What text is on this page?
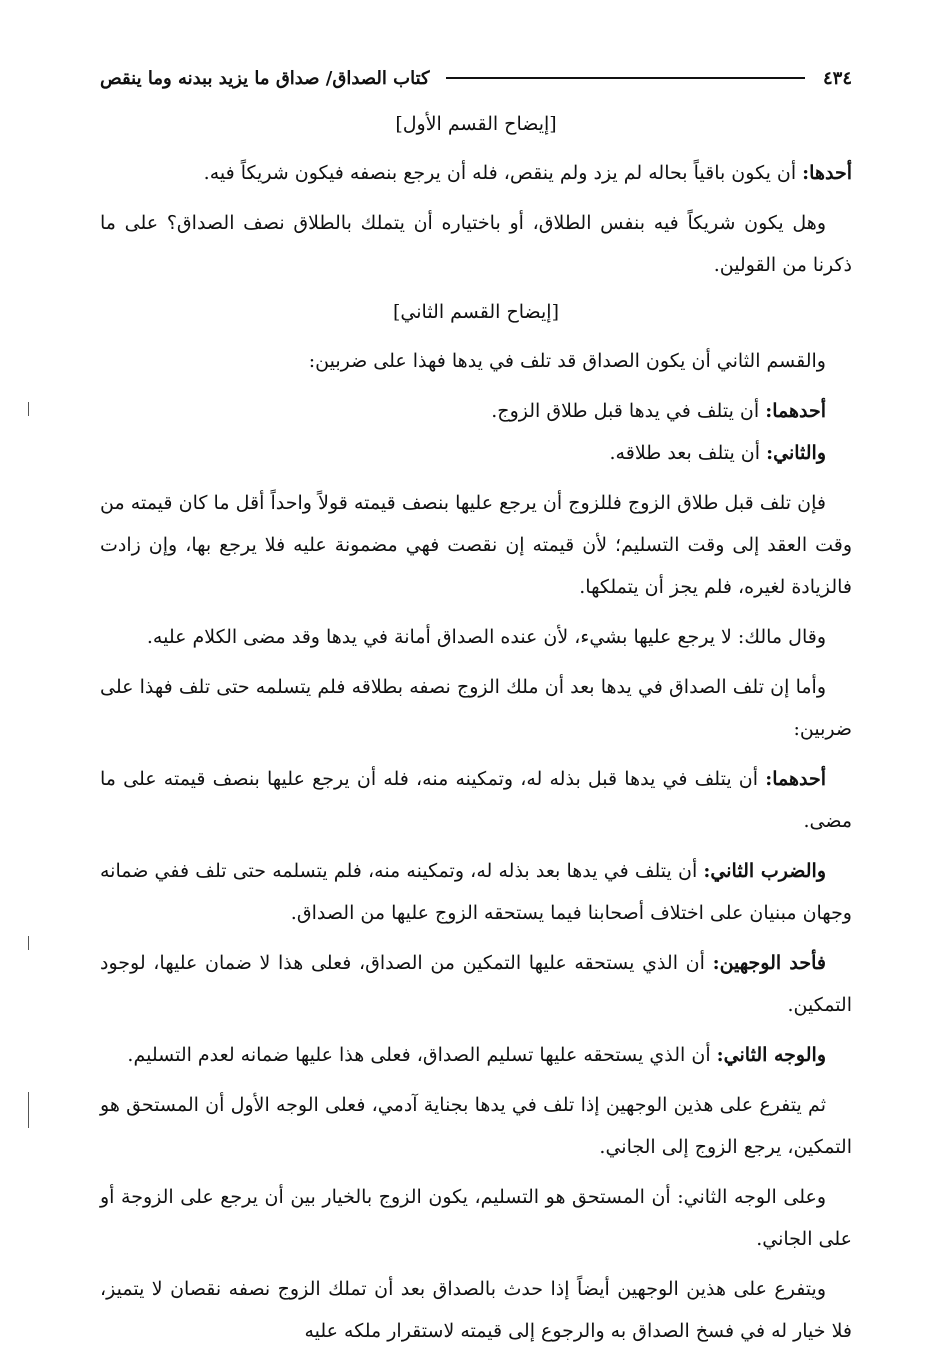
٤٣٤
كتاب الصداق/ صداق ما يزيد ببدنه وما ينقص
[إيضاح القسم الأول]

أحدها: أن يكون باقياً بحاله لم يزد ولم ينقص، فله أن يرجع بنصفه فيكون شريكاً فيه.

وهل يكون شريكاً فيه بنفس الطلاق، أو باختياره أن يتملك بالطلاق نصف الصداق؟ على ما ذكرنا من القولين.

[إيضاح القسم الثاني]

والقسم الثاني أن يكون الصداق قد تلف في يدها فهذا على ضربين:

أحدهما: أن يتلف في يدها قبل طلاق الزوج.

والثاني: أن يتلف بعد طلاقه.

فإن تلف قبل طلاق الزوج فللزوج أن يرجع عليها بنصف قيمته قولاً واحداً أقل ما كان قيمته من وقت العقد إلى وقت التسليم؛ لأن قيمته إن نقصت فهي مضمونة عليه فلا يرجع بها، وإن زادت فالزيادة لغيره، فلم يجز أن يتملكها.

وقال مالك: لا يرجع عليها بشيء، لأن عنده الصداق أمانة في يدها وقد مضى الكلام عليه.

وأما إن تلف الصداق في يدها بعد أن ملك الزوج نصفه بطلاقه فلم يتسلمه حتى تلف فهذا على ضربين:

أحدهما: أن يتلف في يدها قبل بذله له، وتمكينه منه، فله أن يرجع عليها بنصف قيمته على ما مضى.

والضرب الثاني: أن يتلف في يدها بعد بذله له، وتمكينه منه، فلم يتسلمه حتى تلف ففي ضمانه وجهان مبنيان على اختلاف أصحابنا فيما يستحقه الزوج عليها من الصداق.

فأحد الوجهين: أن الذي يستحقه عليها التمكين من الصداق، فعلى هذا لا ضمان عليها، لوجود التمكين.

والوجه الثاني: أن الذي يستحقه عليها تسليم الصداق، فعلى هذا عليها ضمانه لعدم التسليم.

ثم يتفرع على هذين الوجهين إذا تلف في يدها بجناية آدمي، فعلى الوجه الأول أن المستحق هو التمكين، يرجع الزوج إلى الجاني.

وعلى الوجه الثاني: أن المستحق هو التسليم، يكون الزوج بالخيار بين أن يرجع على الزوجة أو على الجاني.

ويتفرع على هذين الوجهين أيضاً إذا حدث بالصداق بعد أن تملك الزوج نصفه نقصان لا يتميز، فلا خيار له في فسخ الصداق به والرجوع إلى قيمته لاستقرار ملكه عليه
